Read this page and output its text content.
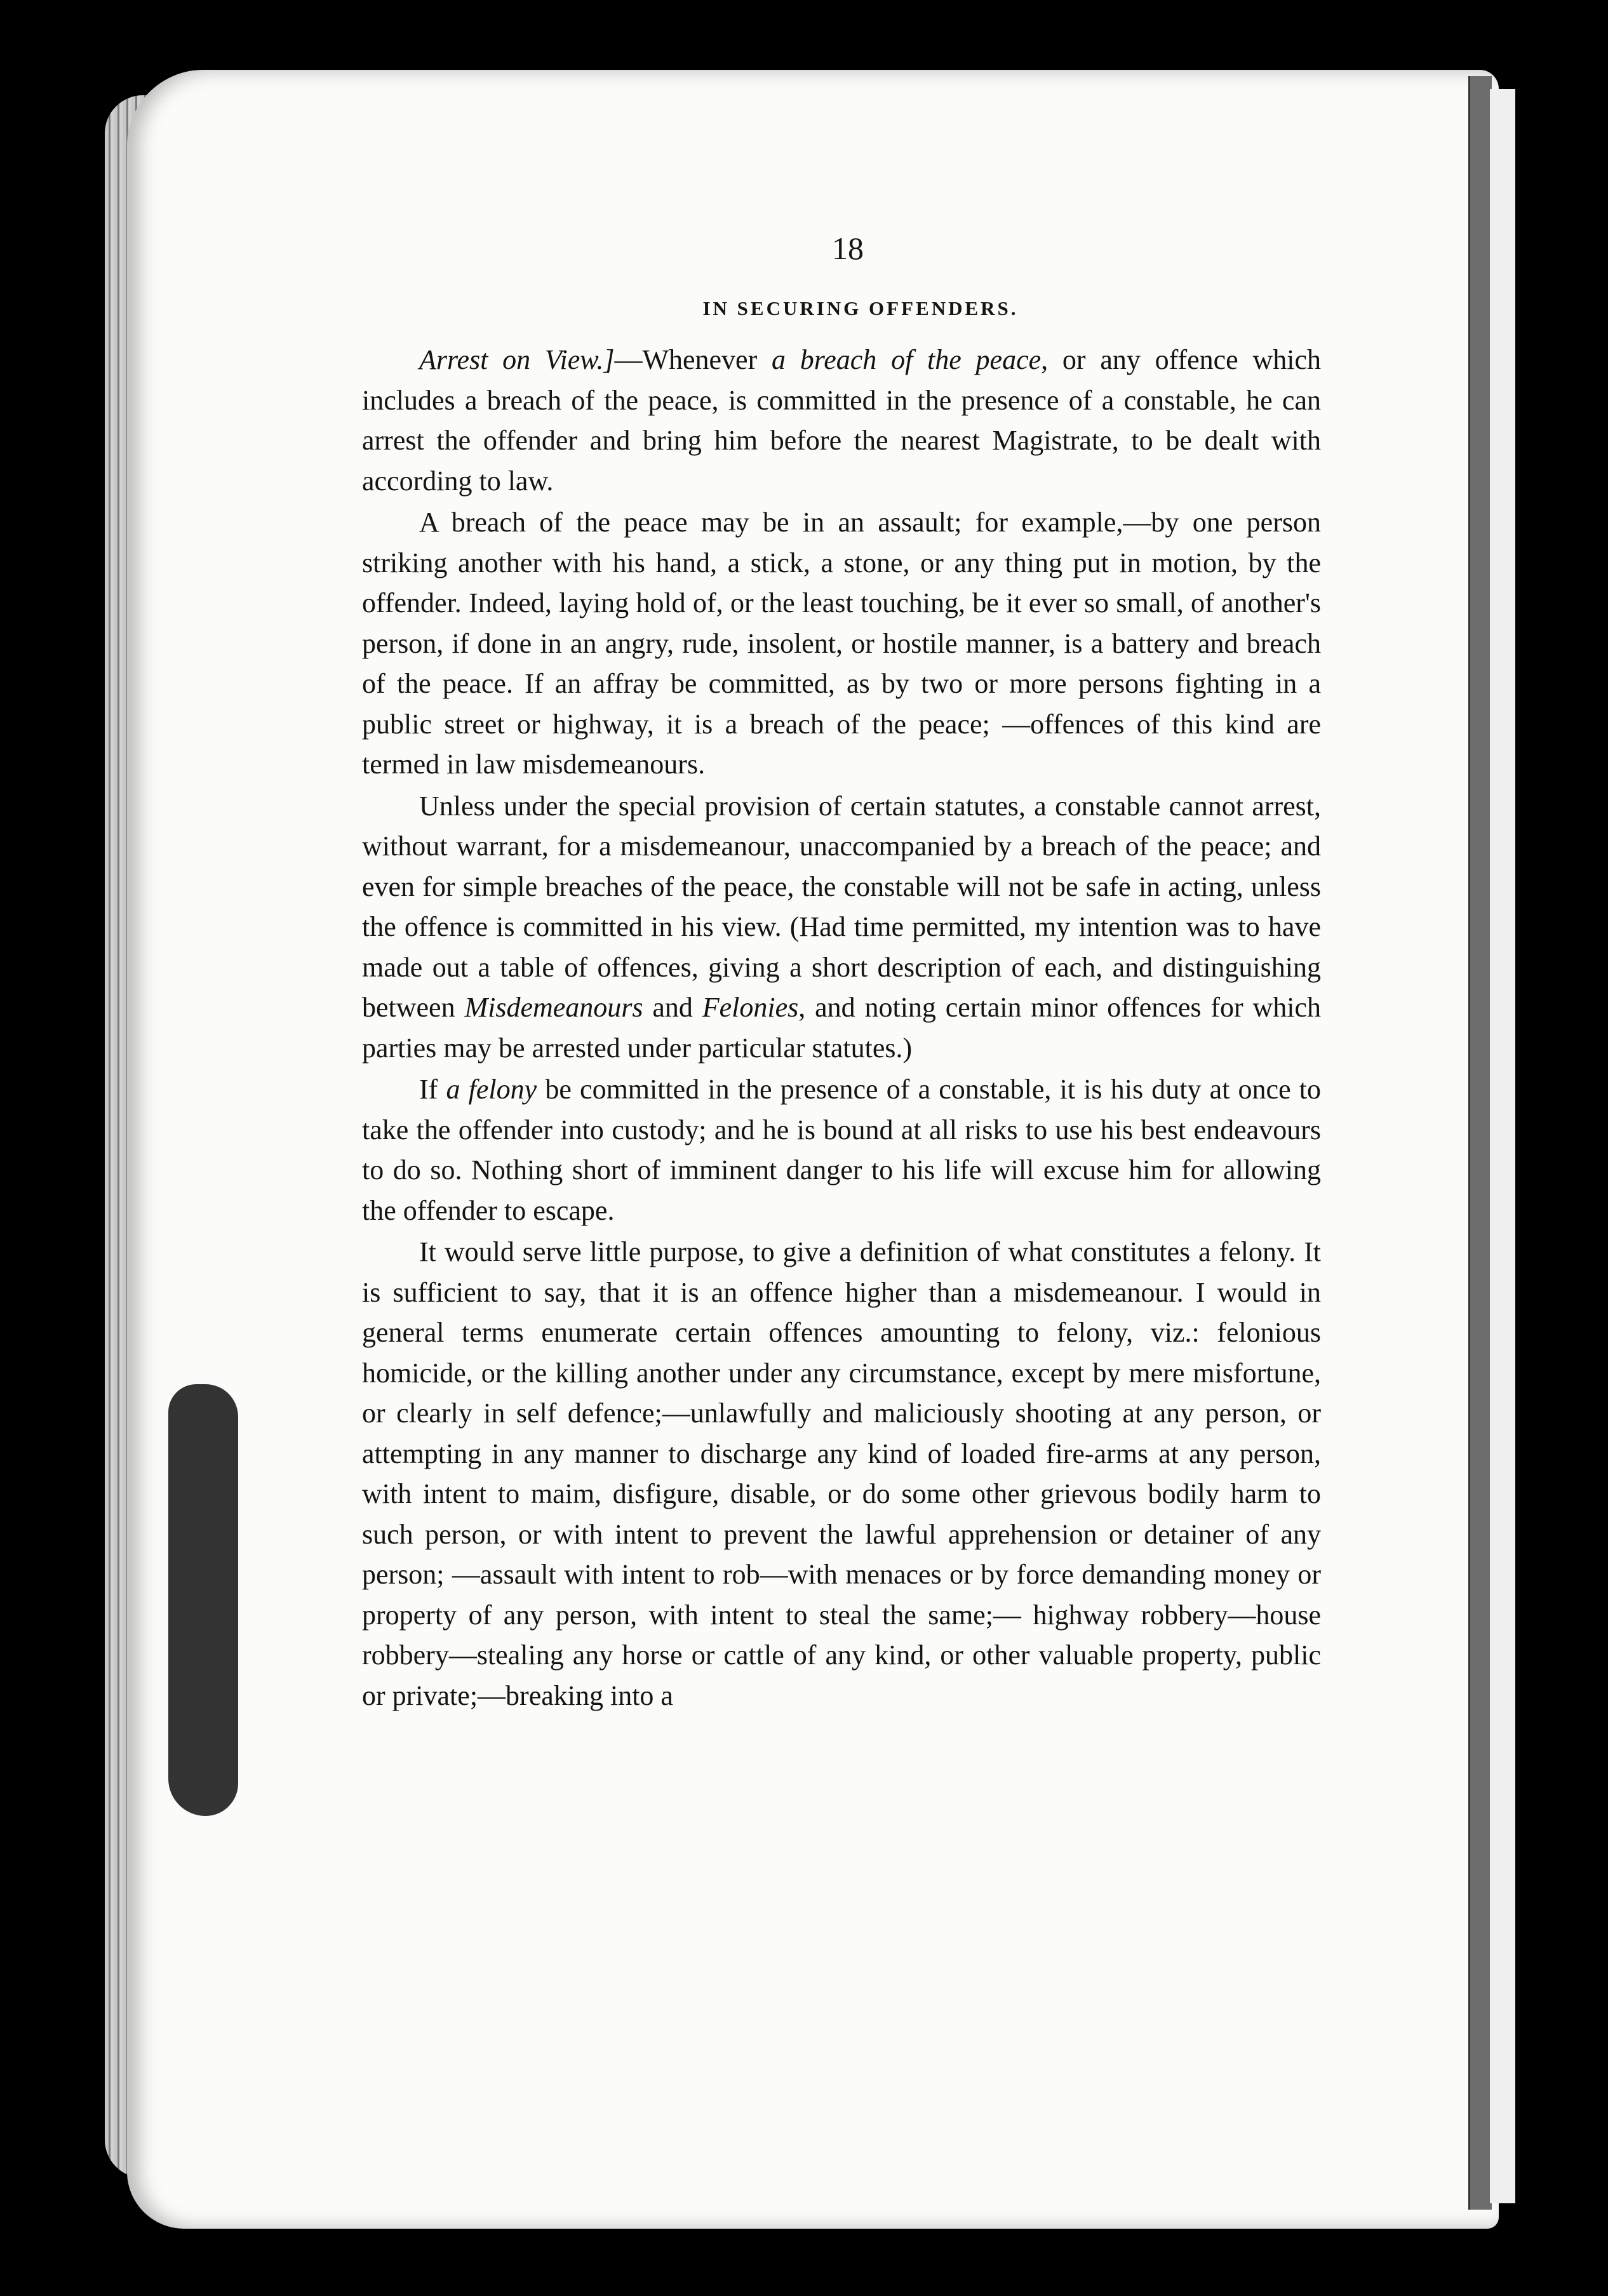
18
IN SECURING OFFENDERS.

Arrest on View.]—Whenever a breach of the peace, or any offence which includes a breach of the peace, is committed in the presence of a constable, he can arrest the offender and bring him before the nearest Magistrate, to be dealt with according to law.

A breach of the peace may be in an assault; for example,—by one person striking another with his hand, a stick, a stone, or any thing put in motion, by the offender. Indeed, laying hold of, or the least touching, be it ever so small, of another's person, if done in an angry, rude, insolent, or hostile manner, is a battery and breach of the peace. If an affray be committed, as by two or more persons fighting in a public street or highway, it is a breach of the peace; —offences of this kind are termed in law misdemeanours.

Unless under the special provision of certain statutes, a constable cannot arrest, without warrant, for a misdemeanour, unaccompanied by a breach of the peace; and even for simple breaches of the peace, the constable will not be safe in acting, unless the offence is committed in his view. (Had time permitted, my intention was to have made out a table of offences, giving a short description of each, and distinguishing between Misdemeanours and Felonies, and noting certain minor offences for which parties may be arrested under particular statutes.)

If a felony be committed in the presence of a constable, it is his duty at once to take the offender into custody; and he is bound at all risks to use his best endeavours to do so. Nothing short of imminent danger to his life will excuse him for allowing the offender to escape.

It would serve little purpose, to give a definition of what constitutes a felony. It is sufficient to say, that it is an offence higher than a misdemeanour. I would in general terms enumerate certain offences amounting to felony, viz.: felonious homicide, or the killing another under any circumstance, except by mere misfortune, or clearly in self defence;—unlawfully and maliciously shooting at any person, or attempting in any manner to discharge any kind of loaded fire-arms at any person, with intent to maim, disfigure, disable, or do some other grievous bodily harm to such person, or with intent to prevent the lawful apprehension or detainer of any person; —assault with intent to rob—with menaces or by force demanding money or property of any person, with intent to steal the same;— highway robbery—house robbery—stealing any horse or cattle of any kind, or other valuable property, public or private;—breaking into a
